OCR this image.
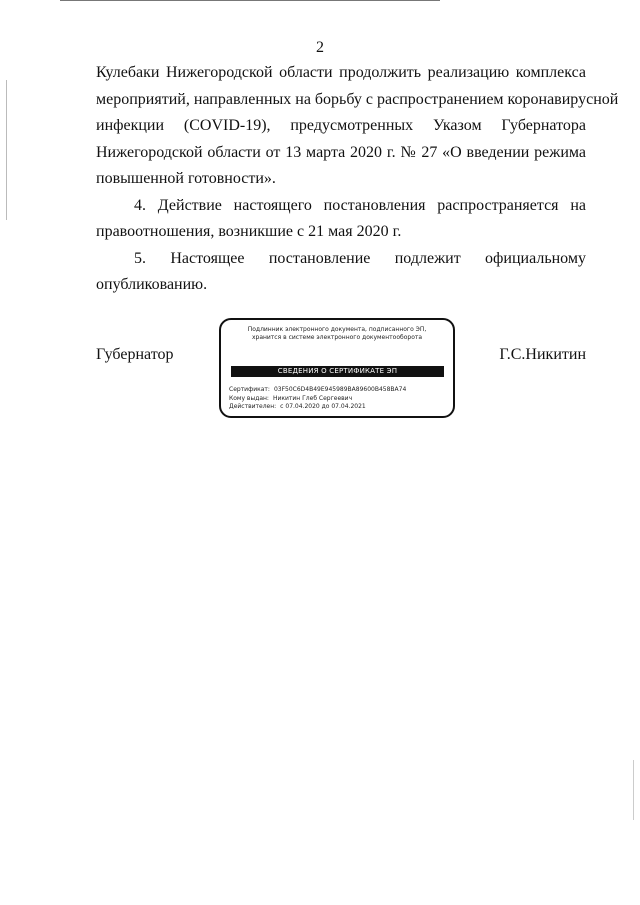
2
Кулебаки Нижегородской области продолжить реализацию комплекса
мероприятий, направленных на борьбу с распространением коронавирусной
инфекции (COVID-19), предусмотренных Указом Губернатора
Нижегородской области от 13 марта 2020 г. № 27 «О введении режима
повышенной готовности».
4. Действие настоящего постановления распространяется на
правоотношения, возникшие с 21 мая 2020 г.
5. Настоящее постановление подлежит официальному
опубликованию.
Губернатор	Г.С.Никитин
Подлинник электронного документа, подписанного ЭП,
хранится в системе электронного документооборота
СВЕДЕНИЯ О СЕРТИФИКАТЕ ЭП
Сертификат: 03F50C6D4B49E945989BA89600B458BA74
Кому выдан: Никитин Глеб Сергеевич
Действителен: с 07.04.2020 до 07.04.2021
